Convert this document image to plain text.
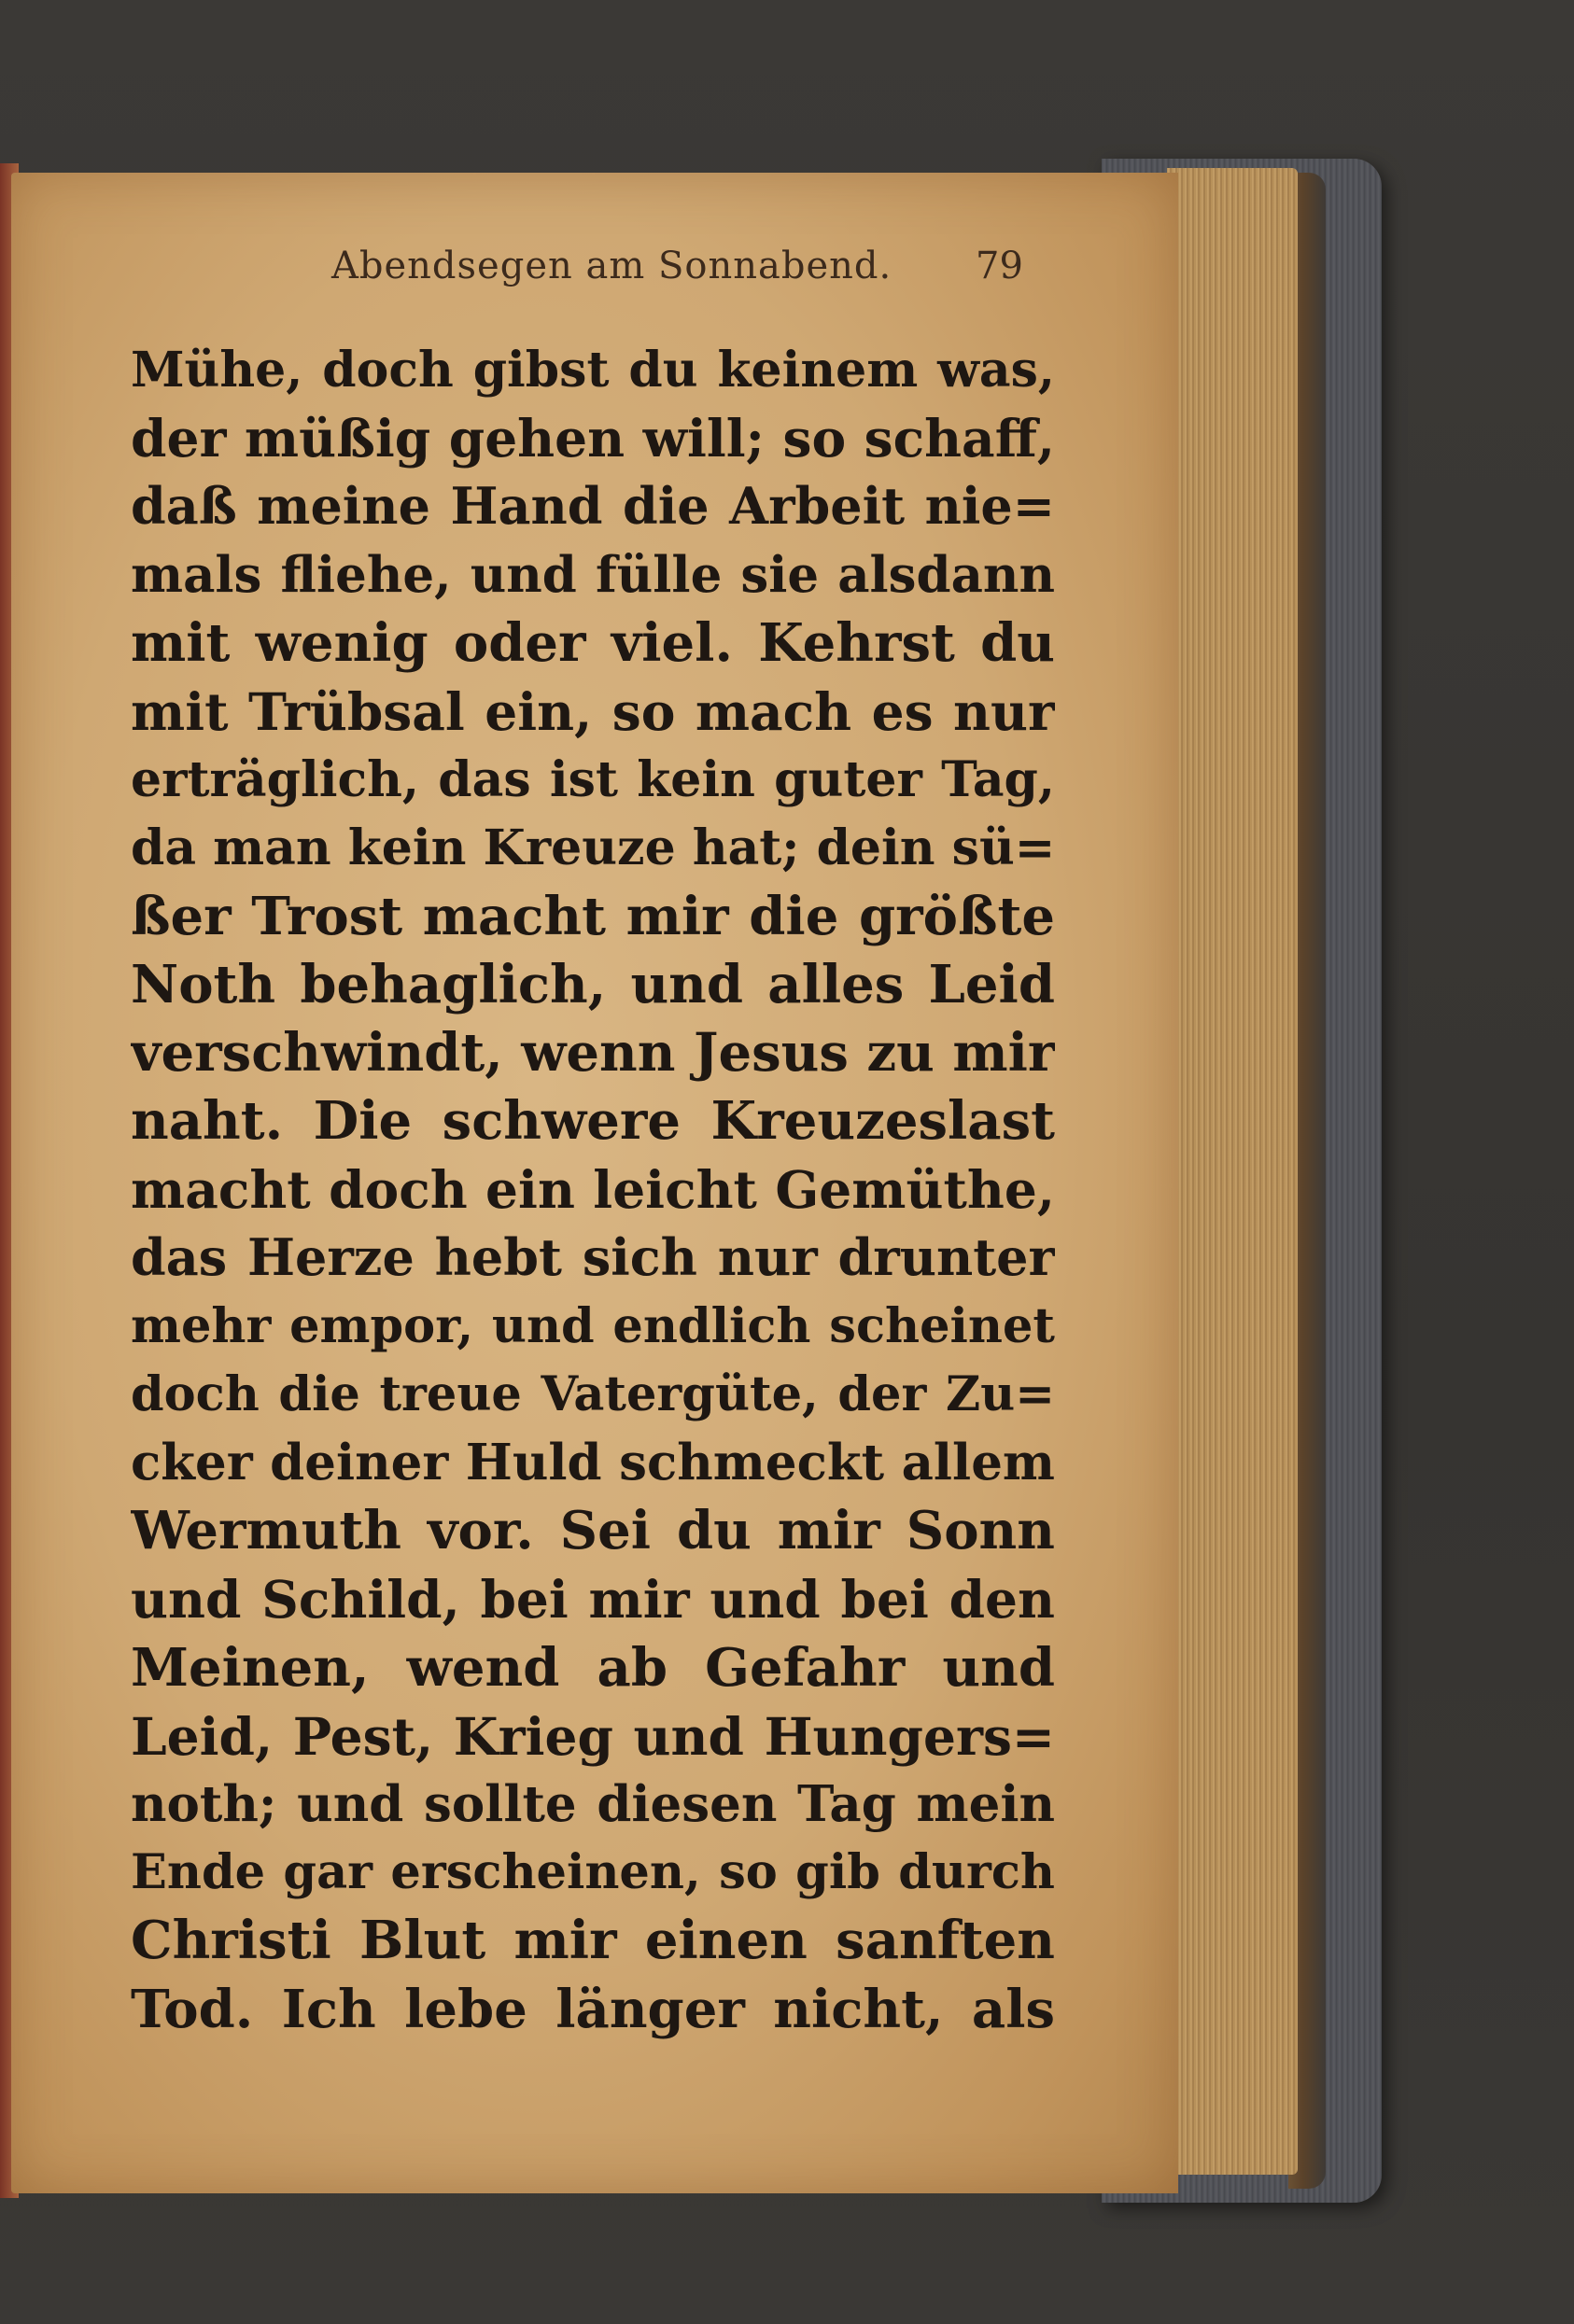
Abendsegen am Sonnabend. 79
Mühe, doch gibst du keinem was,
der müßig gehen will; so schaff,
daß meine Hand die Arbeit nie=
mals fliehe, und fülle sie alsdann
mit wenig oder viel. Kehrst du
mit Trübsal ein, so mach es nur
erträglich, das ist kein guter Tag,
da man kein Kreuze hat; dein sü=
ßer Trost macht mir die größte
Noth behaglich, und alles Leid
verschwindt, wenn Jesus zu mir
naht. Die schwere Kreuzeslast
macht doch ein leicht Gemüthe,
das Herze hebt sich nur drunter
mehr empor, und endlich scheinet
doch die treue Vatergüte, der Zu=
cker deiner Huld schmeckt allem
Wermuth vor. Sei du mir Sonn
und Schild, bei mir und bei den
Meinen, wend ab Gefahr und
Leid, Pest, Krieg und Hungers=
noth; und sollte diesen Tag mein
Ende gar erscheinen, so gib durch
Christi Blut mir einen sanften
Tod. Ich lebe länger nicht, als
